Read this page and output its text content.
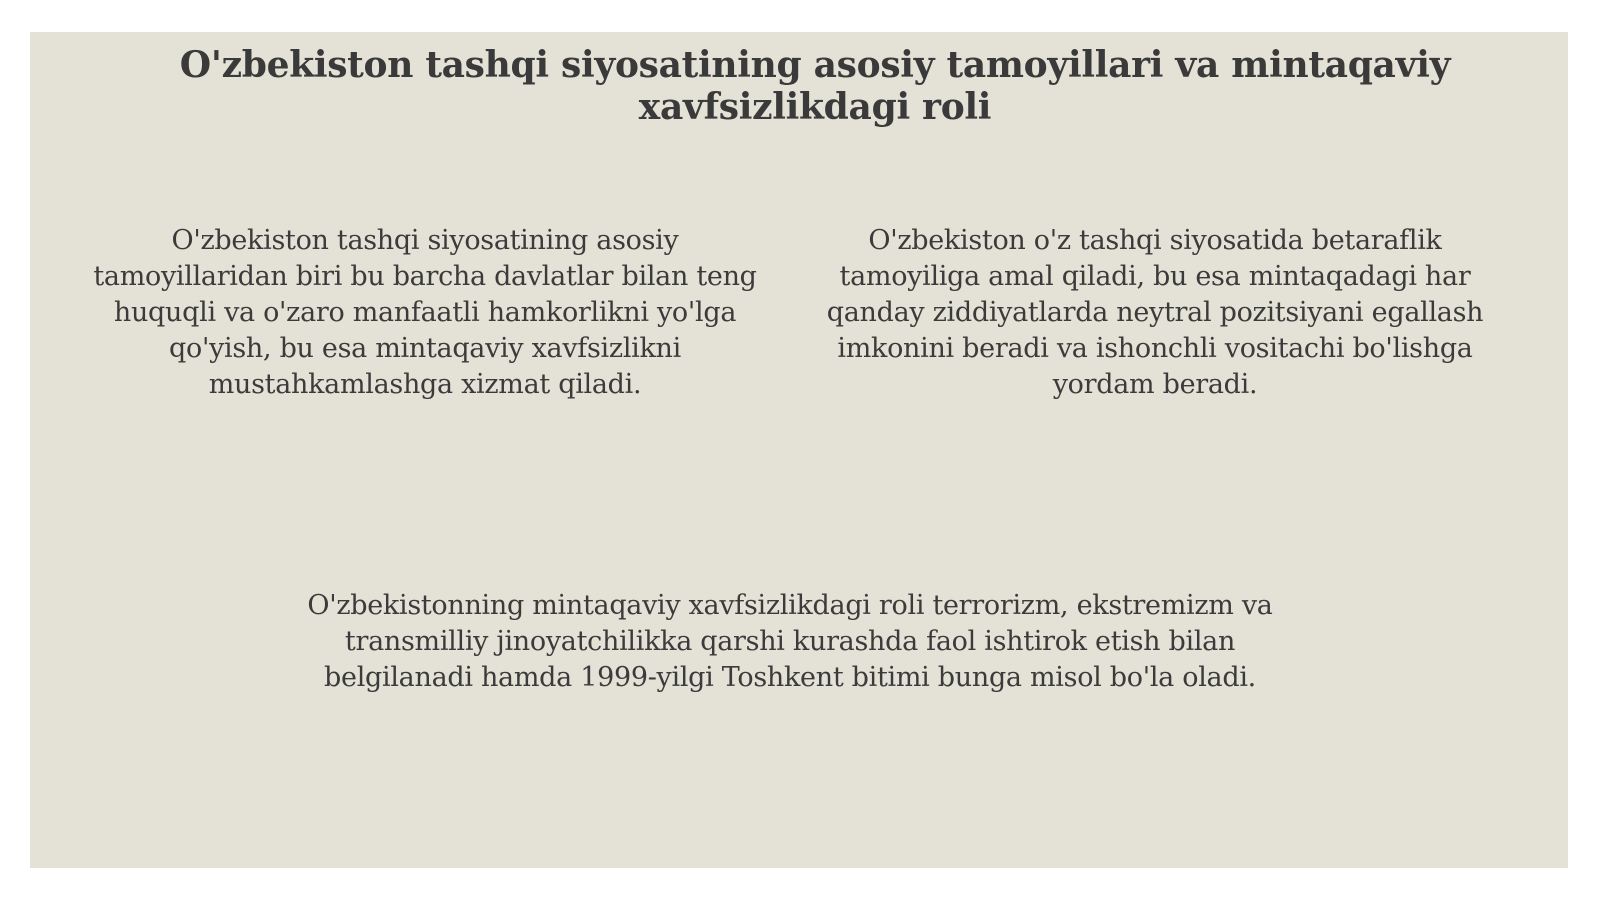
O'zbekiston tashqi siyosatining asosiy tamoyillari va mintaqaviy xavfsizlikdagi roli

O'zbekiston tashqi siyosatining asosiy tamoyillaridan biri bu barcha davlatlar bilan teng huquqli va o'zaro manfaatli hamkorlikni yo'lga qo'yish, bu esa mintaqaviy xavfsizlikni mustahkamlashga xizmat qiladi.

O'zbekiston o'z tashqi siyosatida betaraflik tamoyiliga amal qiladi, bu esa mintaqadagi har qanday ziddiyatlarda neytral pozitsiyani egallash imkonini beradi va ishonchli vositachi bo'lishga yordam beradi.

O'zbekistonning mintaqaviy xavfsizlikdagi roli terrorizm, ekstremizm va transmilliy jinoyatchilikka qarshi kurashda faol ishtirok etish bilan belgilanadi hamda 1999-yilgi Toshkent bitimi bunga misol bo'la oladi.
